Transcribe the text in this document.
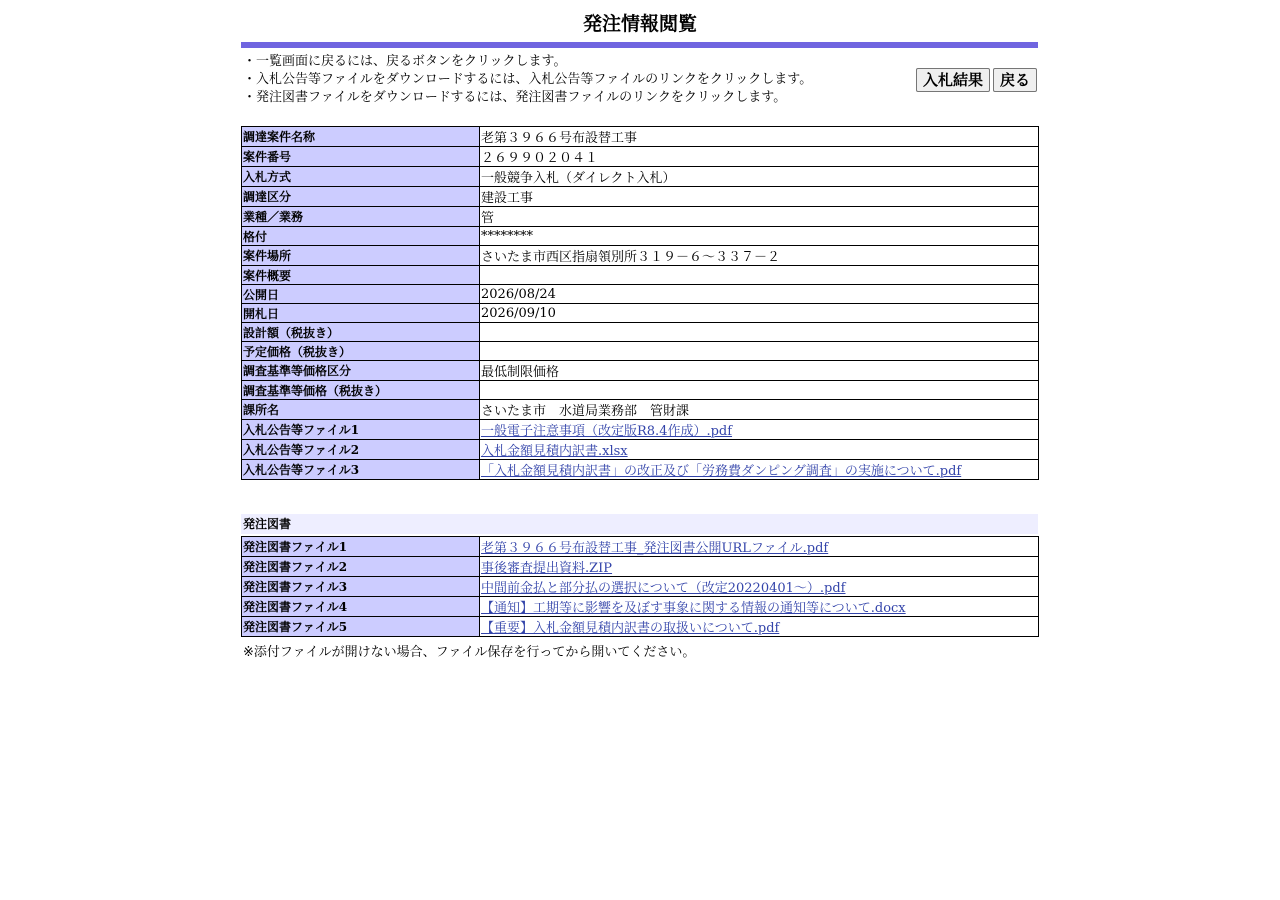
発注情報閲覧
・一覧画面に戻るには、戻るボタンをクリックします。
・入札公告等ファイルをダウンロードするには、入札公告等ファイルのリンクをクリックします。
・発注図書ファイルをダウンロードするには、発注図書ファイルのリンクをクリックします。
入札結果	戻る
調達案件名称	老第３９６６号布設替工事
案件番号	２６９９０２０４１
入札方式	一般競争入札（ダイレクト入札）
調達区分	建設工事
業種／業務	管
格付	********
案件場所	さいたま市西区指扇領別所３１９－６～３３７－２
案件概要	
公開日	2026/08/24
開札日	2026/09/10
設計額（税抜き）	
予定価格（税抜き）	
調査基準等価格区分	最低制限価格
調査基準等価格（税抜き）	
課所名	さいたま市　水道局業務部　管財課
入札公告等ファイル1	一般電子注意事項（改定版R8.4作成）.pdf
入札公告等ファイル2	入札金額見積内訳書.xlsx
入札公告等ファイル3	「入札金額見積内訳書」の改正及び「労務費ダンピング調査」の実施について.pdf
発注図書
発注図書ファイル1	老第３９６６号布設替工事_発注図書公開URLファイル.pdf
発注図書ファイル2	事後審査提出資料.ZIP
発注図書ファイル3	中間前金払と部分払の選択について（改定20220401～）.pdf
発注図書ファイル4	【通知】工期等に影響を及ぼす事象に関する情報の通知等について.docx
発注図書ファイル5	【重要】入札金額見積内訳書の取扱いについて.pdf
※添付ファイルが開けない場合、ファイル保存を行ってから開いてください。
